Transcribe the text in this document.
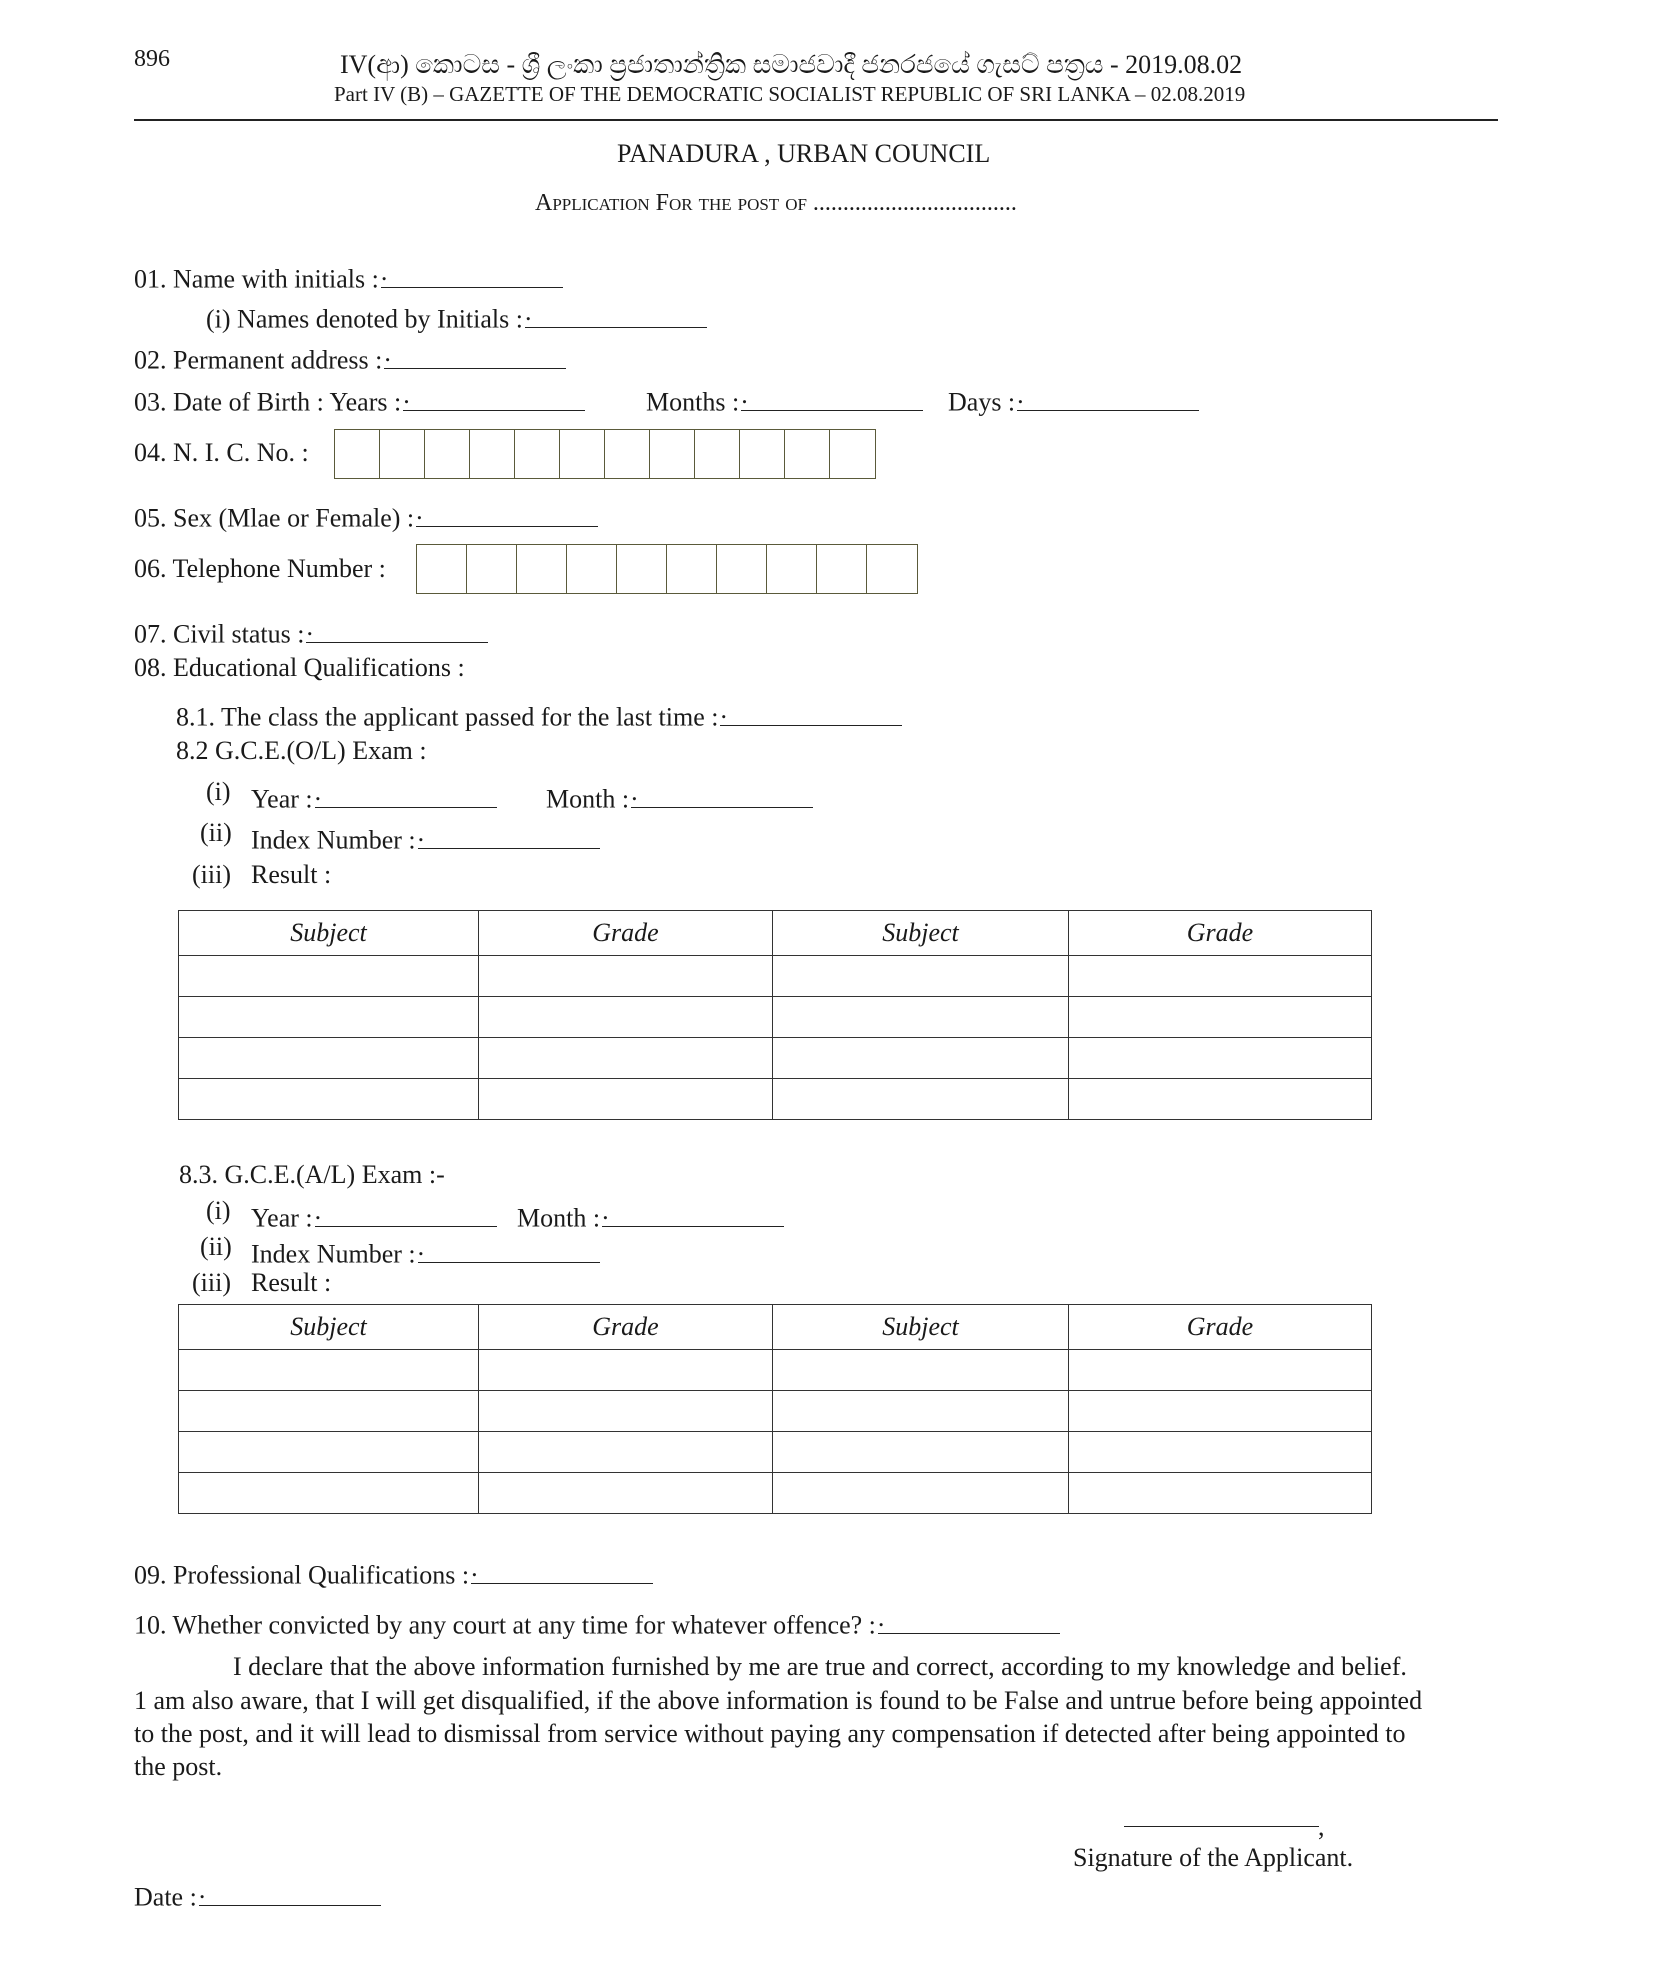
896	IV(ආ) කොටස - ශ්‍රී ලංකා ප්‍රජාතාන්ත්‍රික සමාජවාදී ජනරජයේ ගැසට් පත්‍රය - 2019.08.02
Part IV (B) – GAZETTE OF THE DEMOCRATIC SOCIALIST REPUBLIC OF SRI LANKA – 02.08.2019
PANADURA , URBAN COUNCIL
Application For the post of ..................................
01. Name with initials :.
(i) Names denoted by Initials :.
02. Permanent address :.
03. Date of Birth : Years : .	Months : .	Days :.
04. N. I. C. No. :
05. Sex (Mlae or Female) :.
06. Telephone Number :
07. Civil status :.
08. Educational Qualifications :
8.1. The class the applicant passed for the last time :.
8.2 G.C.E.(O/L) Exam :
(i) Year : .	Month :.
(ii) Index Number :.
(iii) Result :
Subject	Grade	Subject	Grade

8.3. G.C.E.(A/L) Exam :-
(i) Year : .	Month :.
(ii) Index Number :.
(iii) Result :
Subject	Grade	Subject	Grade

09. Professional Qualifications :.
10. Whether convicted by any court at any time for whatever offence? :.
I declare that the above information furnished by me are true and correct, according to my knowledge and belief.
1 am also aware, that I will get disqualified, if the above information is found to be False and untrue before being appointed
to the post, and it will lead to dismissal from service without paying any compensation if detected after being appointed to
the post.
,
Signature of the Applicant.
Date :.
